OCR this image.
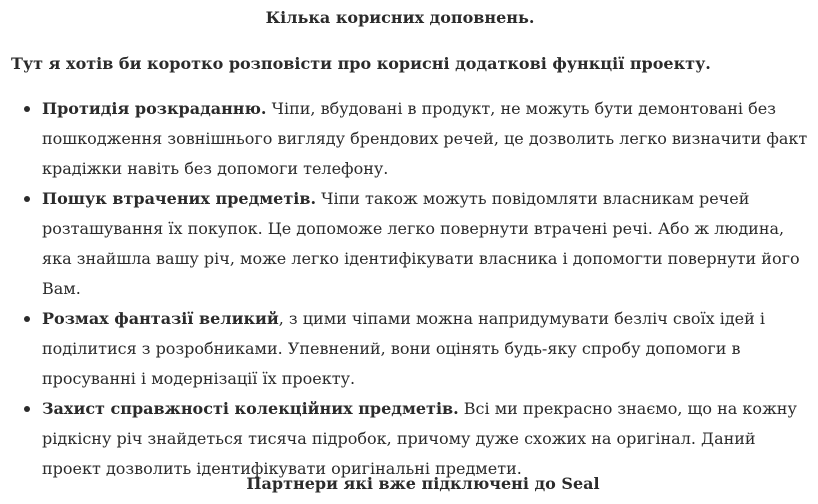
Кілька корисних доповнень.

Тут я хотів би коротко розповісти про корисні додаткові функції проекту.

Протидія розкраданню. Чіпи, вбудовані в продукт, не можуть бути демонтовані без пошкодження зовнішнього вигляду брендових речей, це дозволить легко визначити факт крадіжки навіть без допомоги телефону.
Пошук втрачених предметів. Чіпи також можуть повідомляти власникам речей розташування їх покупок. Це допоможе легко повернути втрачені речі. Або ж людина, яка знайшла вашу річ, може легко ідентифікувати власника і допомогти повернути його Вам.
Розмах фантазії великий, з цими чіпами можна напридумувати безліч своїх ідей і поділитися з розробниками. Упевнений, вони оцінять будь-яку спробу допомоги в просуванні і модернізації їх проекту.
Захист справжності колекційних предметів. Всі ми прекрасно знаємо, що на кожну рідкісну річ знайдеться тисяча підробок, причому дуже схожих на оригінал. Даний проект дозволить ідентифікувати оригінальні предмети.

Партнери які вже підключені до Seal
